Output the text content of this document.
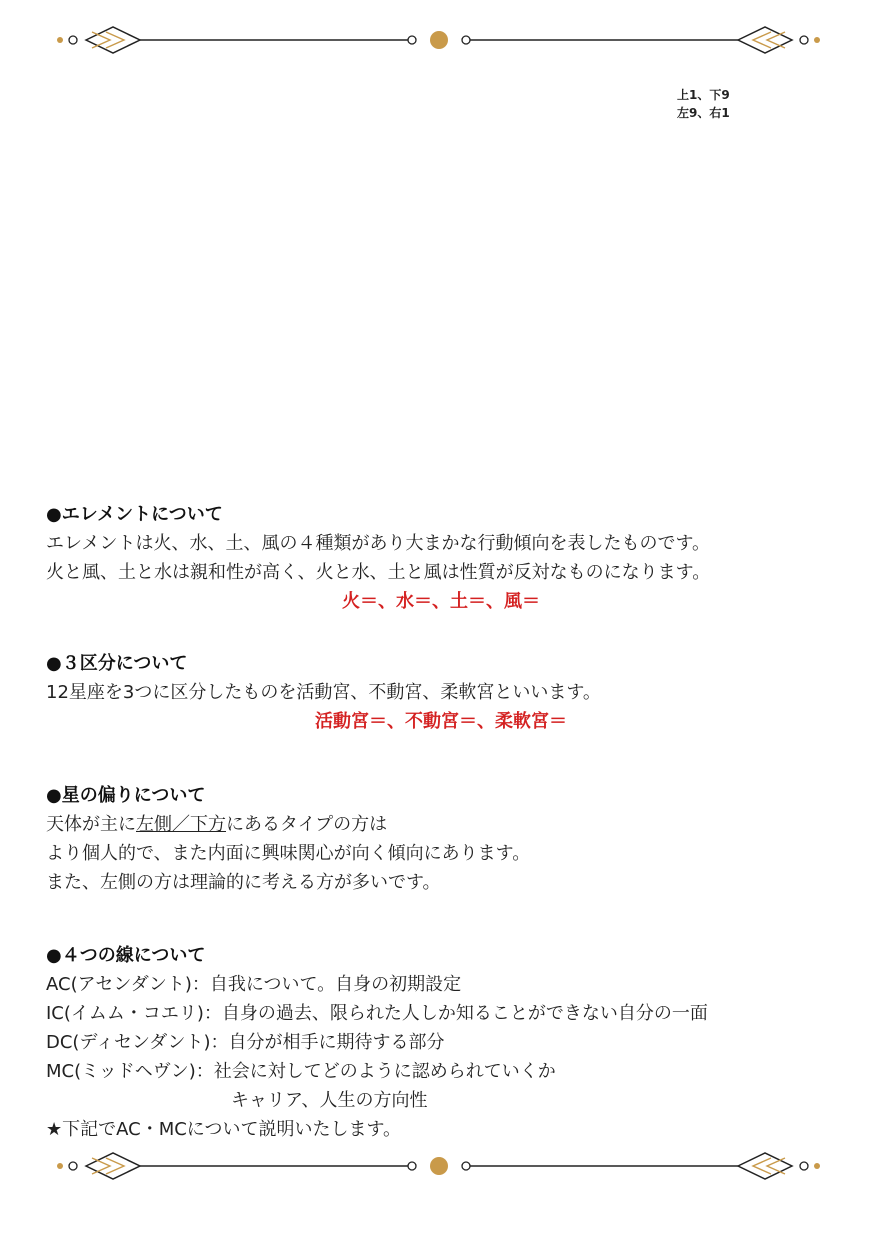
上1、下9
左9、右1
●エレメントについて
エレメントは火、水、土、風の４種類があり大まかな行動傾向を表したものです。
火と風、土と水は親和性が高く、火と水、土と風は性質が反対なものになります。
火＝、水＝、土＝、風＝
●３区分について
12星座を3つに区分したものを活動宮、不動宮、柔軟宮といいます。
活動宮＝、不動宮＝、柔軟宮＝
●星の偏りについて
天体が主に左側／下方にあるタイプの方は
より個人的で、また内面に興味関心が向く傾向にあります。
また、左側の方は理論的に考える方が多いです。
●４つの線について
AC(アセンダント)：自我について。自身の初期設定
IC(イムム・コエリ)：自身の過去、限られた人しか知ることができない自分の一面
DC(ディセンダント)：自分が相手に期待する部分
MC(ミッドヘヴン)：社会に対してどのように認められていくか
キャリア、人生の方向性
★下記でAC・MCについて説明いたします。
